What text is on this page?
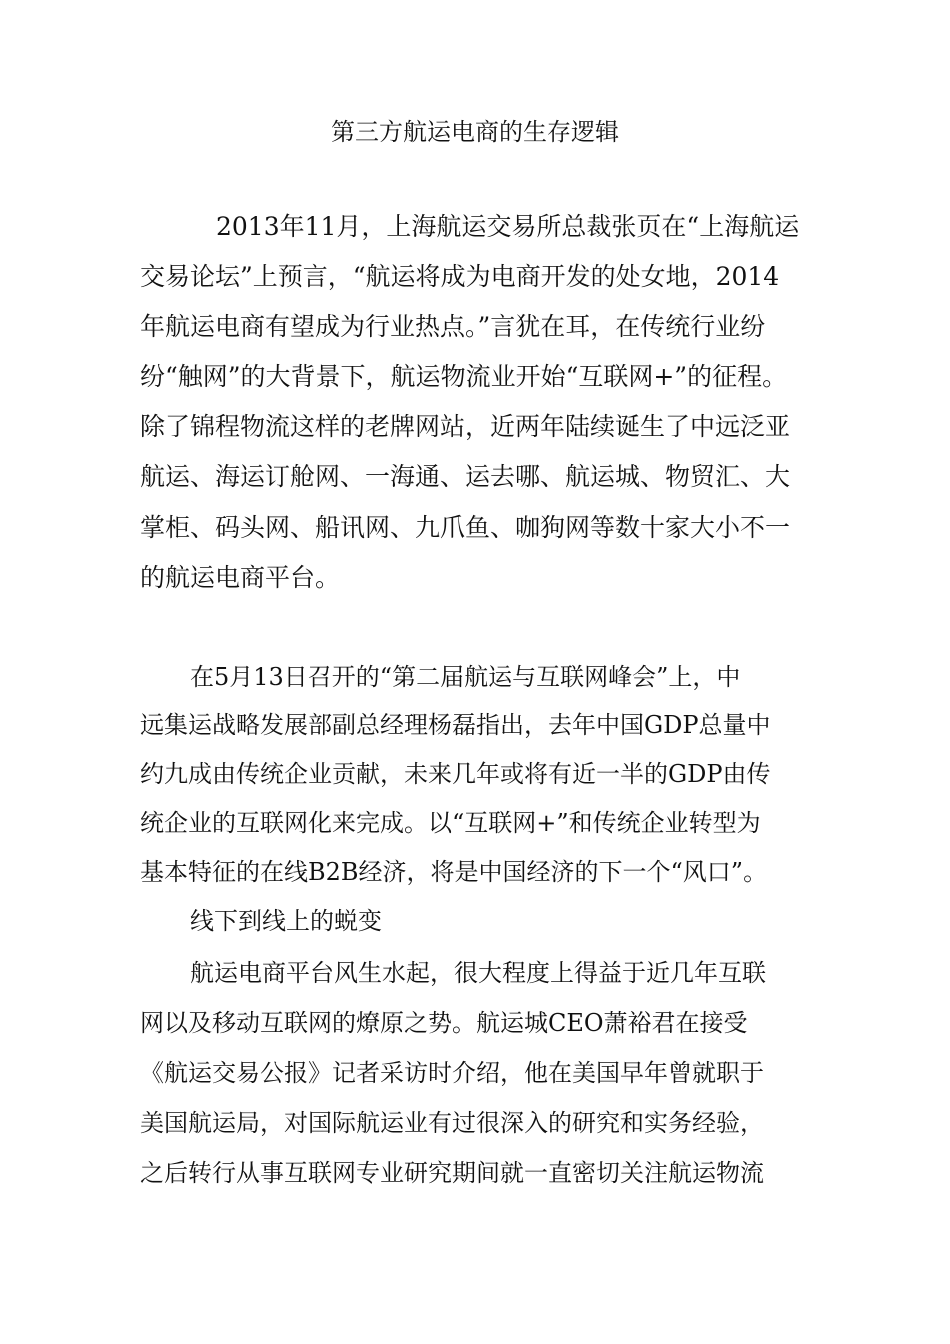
第三方航运电商的生存逻辑
2013年11月，上海航运交易所总裁张页在“上海航运
交易论坛”上预言，“航运将成为电商开发的处女地，2014
年航运电商有望成为行业热点。”言犹在耳，在传统行业纷
纷“触网”的大背景下，航运物流业开始“互联网+”的征程。
除了锦程物流这样的老牌网站，近两年陆续诞生了中远泛亚
航运、海运订舱网、一海通、运去哪、航运城、物贸汇、大
掌柜、码头网、船讯网、九爪鱼、咖狗网等数十家大小不一
的航运电商平台。
在5月13日召开的“第二届航运与互联网峰会”上，中
远集运战略发展部副总经理杨磊指出，去年中国GDP总量中
约九成由传统企业贡献，未来几年或将有近一半的GDP由传
统企业的互联网化来完成。以“互联网+”和传统企业转型为
基本特征的在线B2B经济，将是中国经济的下一个“风口”。
线下到线上的蜕变
航运电商平台风生水起，很大程度上得益于近几年互联
网以及移动互联网的燎原之势。航运城CEO萧裕君在接受
《航运交易公报》记者采访时介绍，他在美国早年曾就职于
美国航运局，对国际航运业有过很深入的研究和实务经验，
之后转行从事互联网专业研究期间就一直密切关注航运物流
